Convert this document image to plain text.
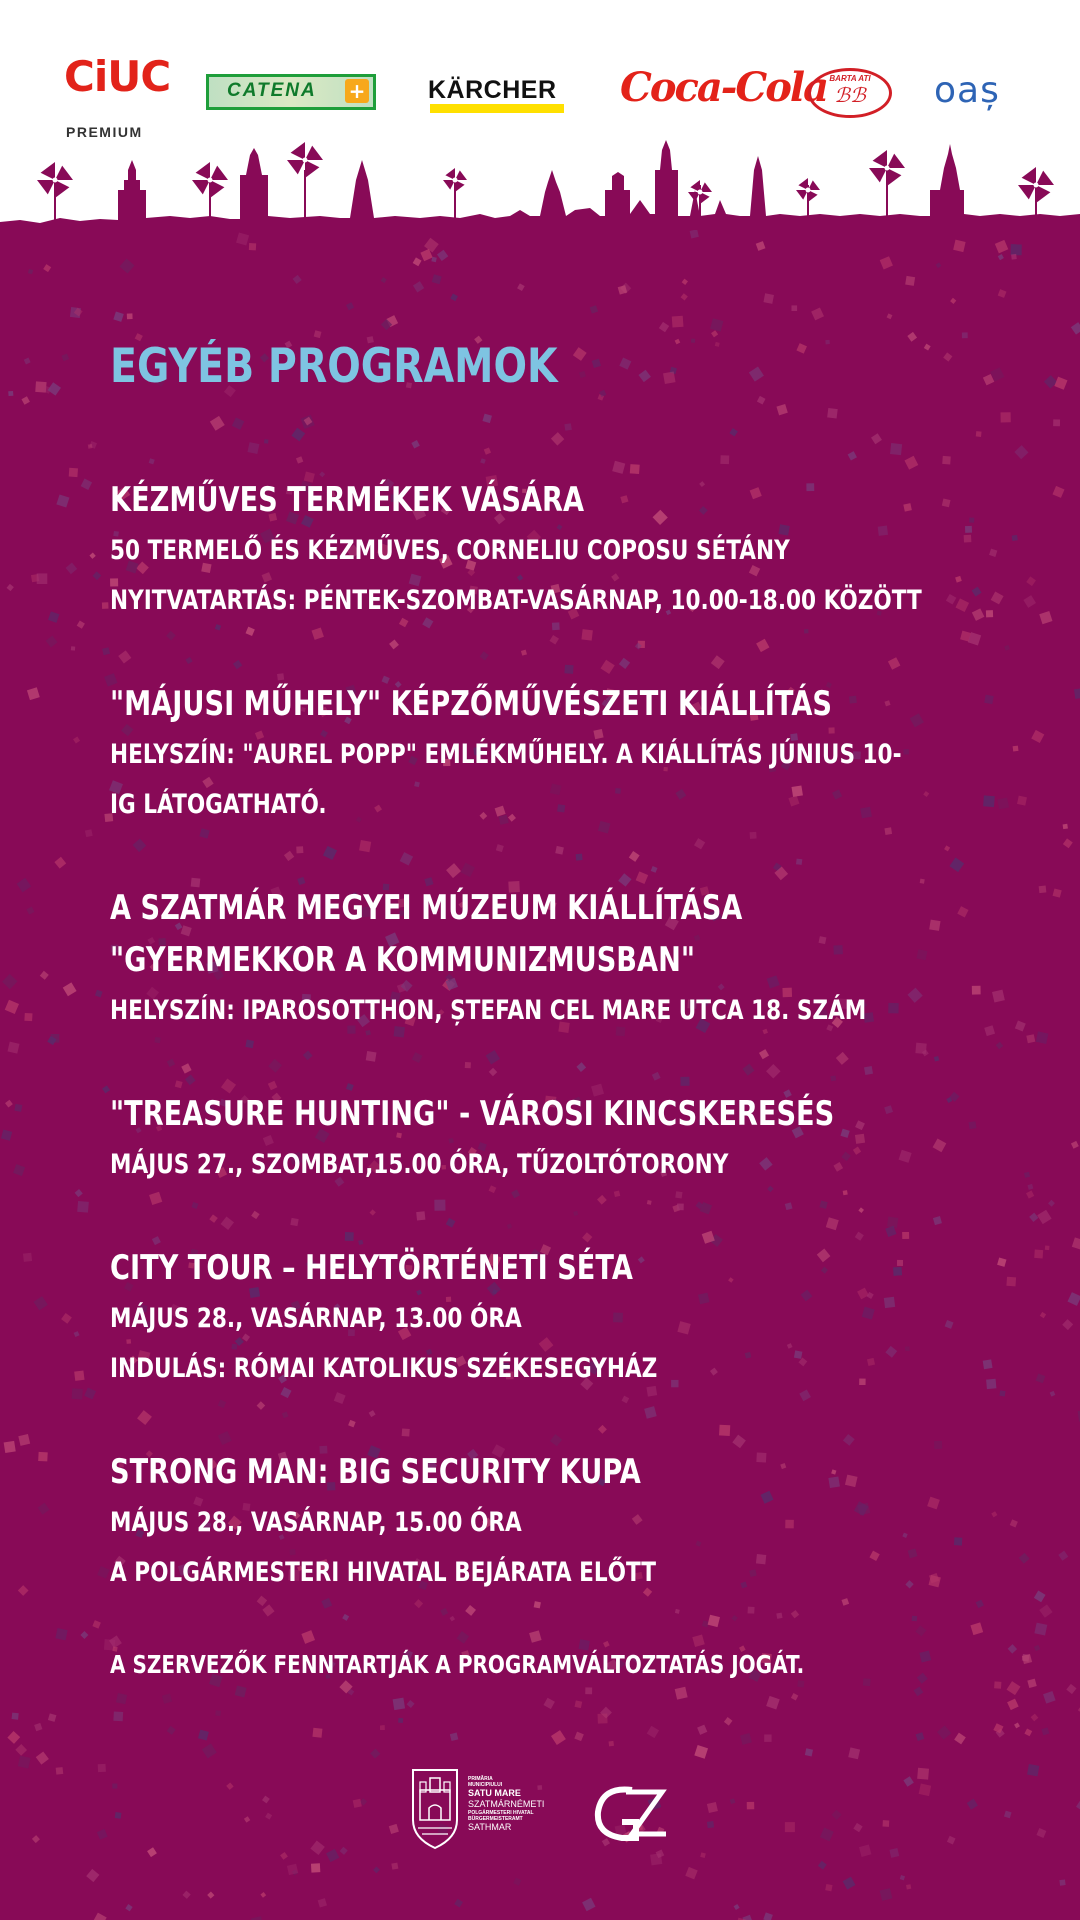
CiUC
PREMIUM
CATENA +	KÄRCHER Coca-Cola BARTA ATI
ℬℬ	oaș
EGYÉB PROGRAMOK
KÉZMŰVES TERMÉKEK VÁSÁRA
50 TERMELŐ ÉS KÉZMŰVES, CORNELIU COPOSU SÉTÁNY
NYITVATARTÁS: PÉNTEK-SZOMBAT-VASÁRNAP, 10.00-18.00 KÖZÖTT
"MÁJUSI MŰHELY" KÉPZŐMŰVÉSZETI KIÁLLÍTÁS
HELYSZÍN: "AUREL POPP" EMLÉKMŰHELY. A KIÁLLÍTÁS JÚNIUS 10-IG LÁTOGATHATÓ.
A SZATMÁR MEGYEI MÚZEUM KIÁLLÍTÁSA "GYERMEKKOR A KOMMUNIZMUSBAN"
HELYSZÍN: IPAROSOTTHON, ȘTEFAN CEL MARE UTCA 18. SZÁM
"TREASURE HUNTING" - VÁROSI KINCSKERESÉS
MÁJUS 27., SZOMBAT,15.00 ÓRA, TŰZOLTÓTORONY
CITY TOUR – HELYTÖRTÉNETI SÉTA
MÁJUS 28., VASÁRNAP, 13.00 ÓRA
INDULÁS: RÓMAI KATOLIKUS SZÉKESEGYHÁZ
STRONG MAN: BIG SECURITY KUPA
MÁJUS 28., VASÁRNAP, 15.00 ÓRA
A POLGÁRMESTERI HIVATAL BEJÁRATA ELŐTT
A SZERVEZŐK FENNTARTJÁK A PROGRAMVÁLTOZTATÁS JOGÁT.
PRIMĂRIA
MUNICIPIULUI
SATU MARE
SZATMÁRNÉMETI
POLGÁRMESTERI HIVATAL
BÜRGERMEISTERAMT
SATHMAR
